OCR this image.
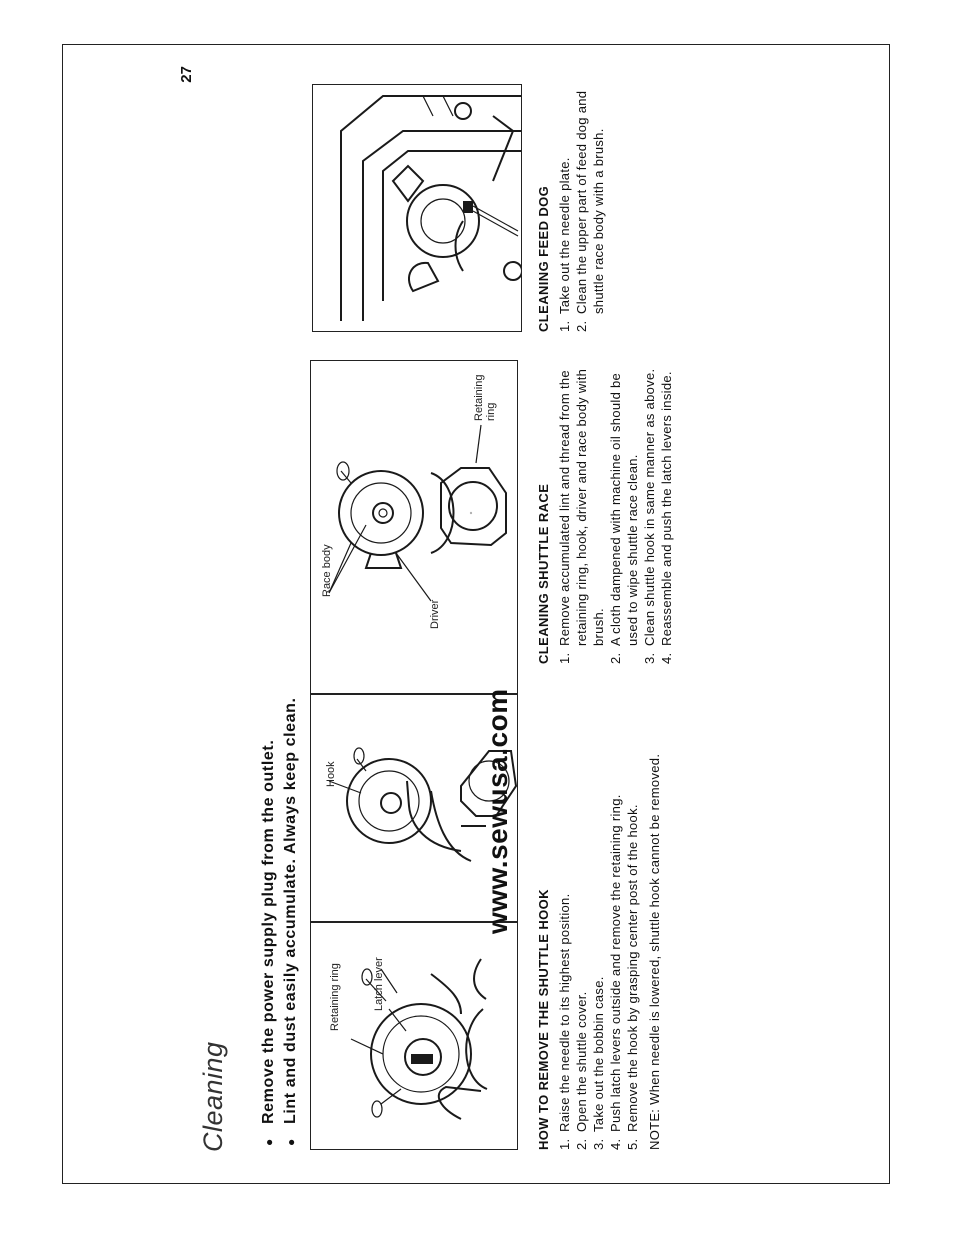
27
Cleaning ● Remove the power supply plug from the outlet. ● Lint and dust easily accumulate. Always keep clean.	Retaining ring	Latch lever
Hook
Race body
Driver
Retaining ring
www.sewusa.com
HOW TO REMOVE THE SHUTTLE HOOK 1.
Raise the needle to its highest position.
2.
Open the shuttle cover.
3.
Take out the bobbin case.
4.
Push latch levers outside and remove the retaining ring.
5.
Remove the hook by grasping center post of the hook. NOTE: When needle is lowered, shuttle hook cannot be removed.
CLEANING SHUTTLE RACE 1.
Remove accumulated lint and thread from the retaining ring, hook, driver and race body with brush.
2.
A cloth dampened with machine oil should be used to wipe shuttle race clean.
3.
Clean shuttle hook in same manner as above.
4.
Reassemble and push the latch levers inside.
CLEANING FEED DOG 1.
Take out the needle plate.
2.
Clean the upper part of feed dog and shuttle race body with a brush.
